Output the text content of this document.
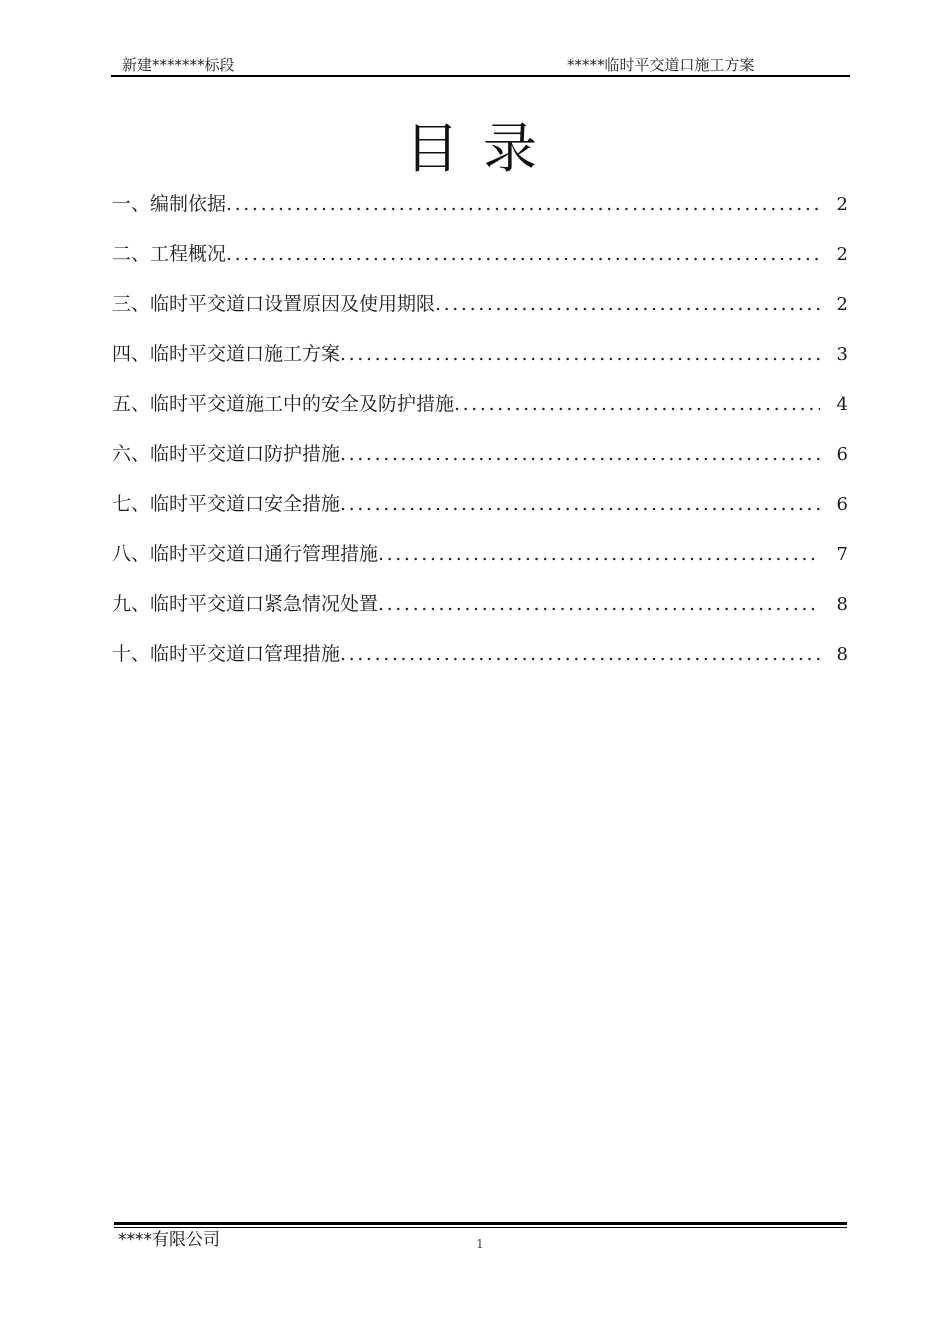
新建*******标段	*****临时平交道口施工方案
目录
一、编制依据 .....	2
二、工程概况 .....	2
三、临时平交道口设置原因及使用期限 .....	2
四、临时平交道口施工方案 .....	3
五、临时平交道施工中的安全及防护措施 .....	4
六、临时平交道口防护措施 .....	6
七、临时平交道口安全措施 .....	6
八、临时平交道口通行管理措施 .....	7
九、临时平交道口紧急情况处置 .....	8
十、临时平交道口管理措施 .....	8
****有限公司	1
